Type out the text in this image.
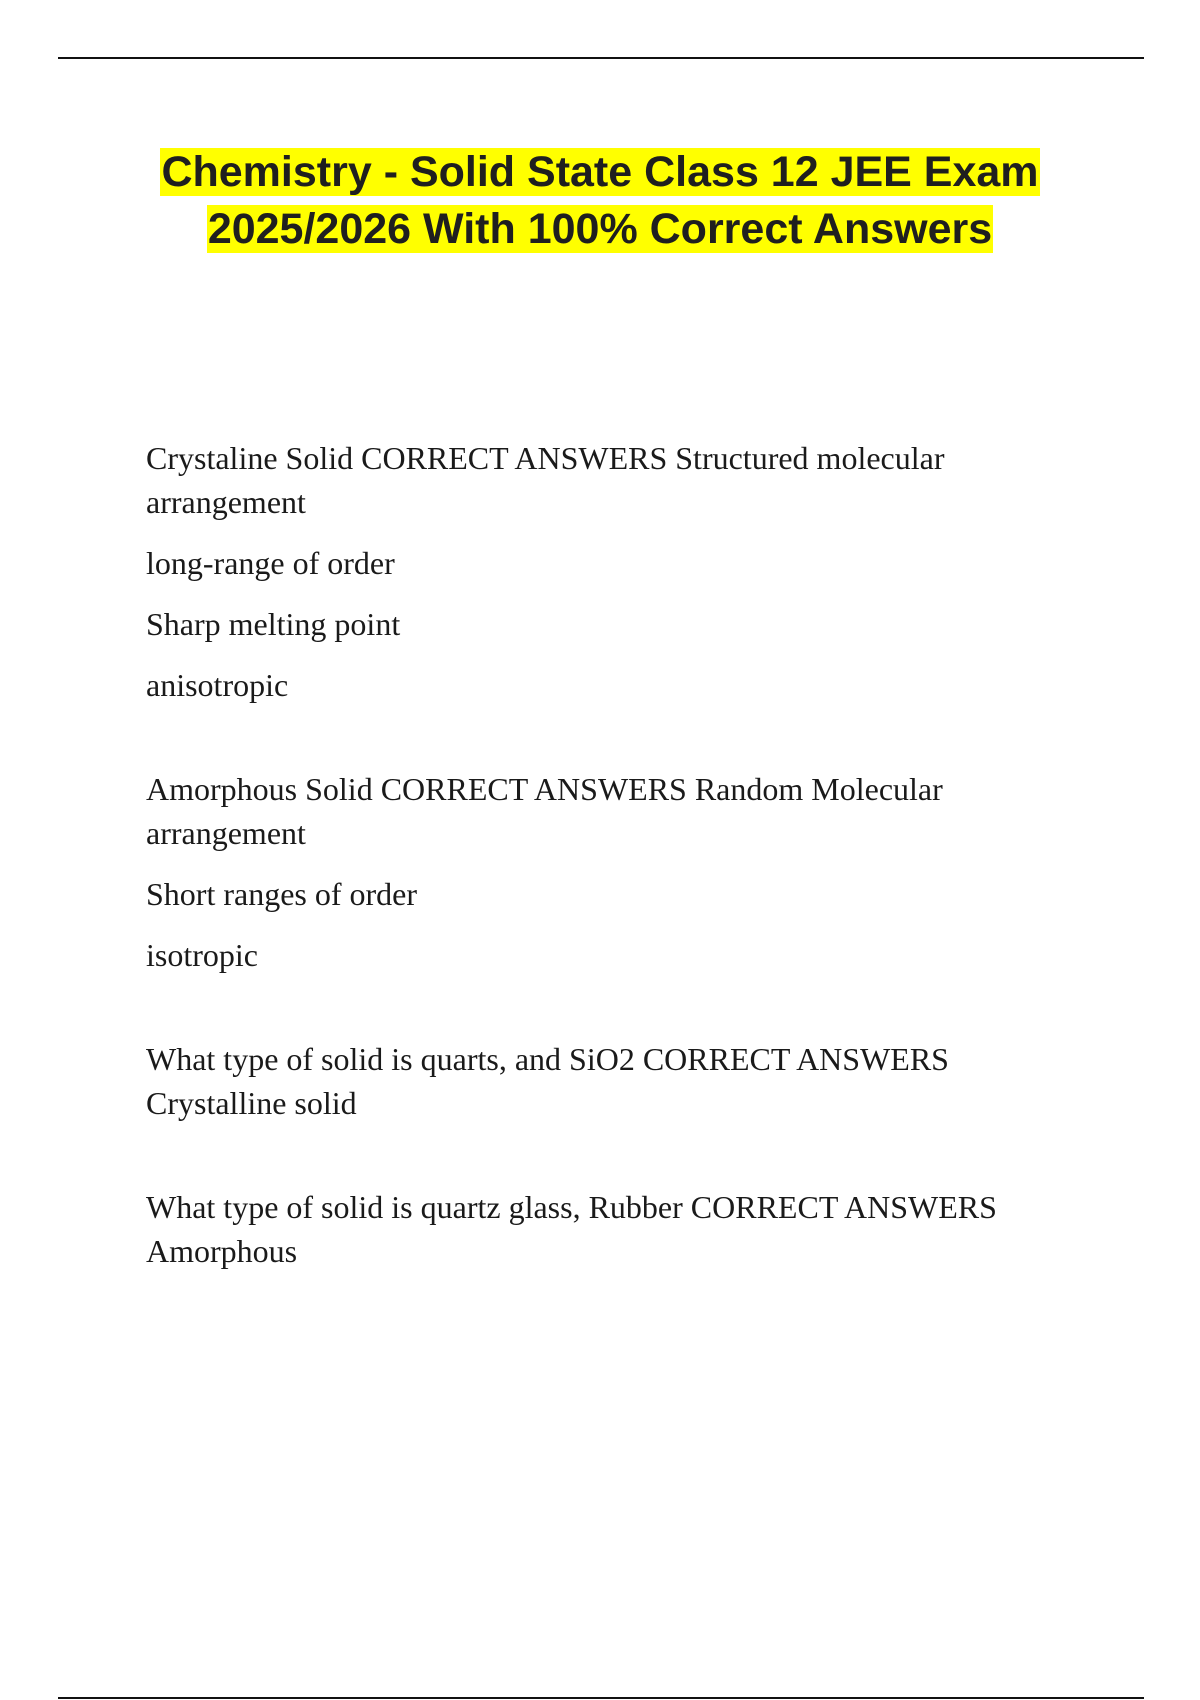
Chemistry - Solid State Class 12 JEE Exam 2025/2026 With 100% Correct Answers

Crystaline Solid CORRECT ANSWERS Structured molecular arrangement

long-range of order

Sharp melting point

anisotropic

Amorphous Solid CORRECT ANSWERS Random Molecular arrangement

Short ranges of order

isotropic

What type of solid is quarts, and SiO2 CORRECT ANSWERS Crystalline solid

What type of solid is quartz glass, Rubber CORRECT ANSWERS Amorphous
